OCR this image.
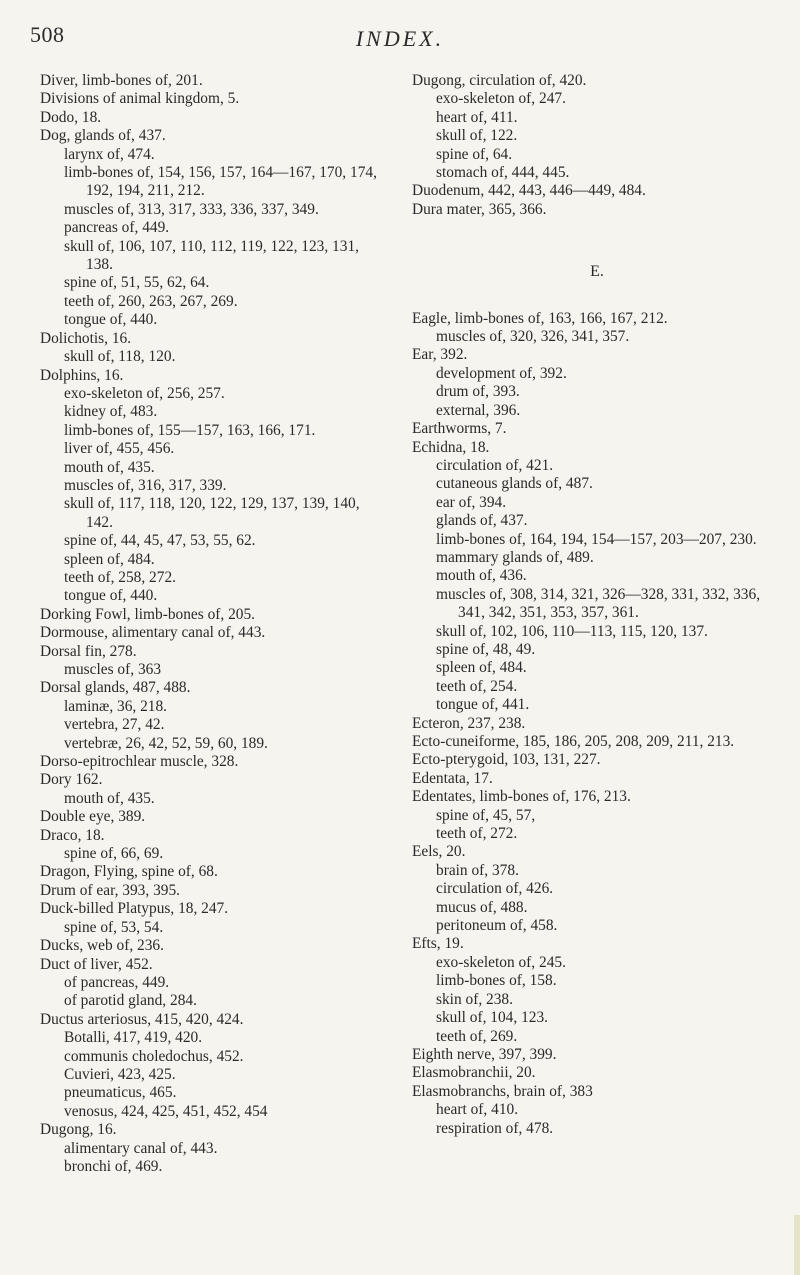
508	INDEX.

Diver, limb-bones of, 201.

Divisions of animal kingdom, 5.

Dodo, 18.

Dog, glands of, 437.

larynx of, 474.

limb-bones of, 154, 156, 157, 164—167, 170, 174, 192, 194, 211, 212.

muscles of, 313, 317, 333, 336, 337, 349.

pancreas of, 449.

skull of, 106, 107, 110, 112, 119, 122, 123, 131, 138.

spine of, 51, 55, 62, 64.

teeth of, 260, 263, 267, 269.

tongue of, 440.

Dolichotis, 16.

skull of, 118, 120.

Dolphins, 16.

exo-skeleton of, 256, 257.

kidney of, 483.

limb-bones of, 155—157, 163, 166, 171.

liver of, 455, 456.

mouth of, 435.

muscles of, 316, 317, 339.

skull of, 117, 118, 120, 122, 129, 137, 139, 140, 142.

spine of, 44, 45, 47, 53, 55, 62.

spleen of, 484.

teeth of, 258, 272.

tongue of, 440.

Dorking Fowl, limb-bones of, 205.

Dormouse, alimentary canal of, 443.

Dorsal fin, 278.

muscles of, 363

Dorsal glands, 487, 488.

laminæ, 36, 218.

vertebra, 27, 42.

vertebræ, 26, 42, 52, 59, 60, 189.

Dorso-epitrochlear muscle, 328.

Dory 162.

mouth of, 435.

Double eye, 389.

Draco, 18.

spine of, 66, 69.

Dragon, Flying, spine of, 68.

Drum of ear, 393, 395.

Duck-billed Platypus, 18, 247.

spine of, 53, 54.

Ducks, web of, 236.

Duct of liver, 452.

of pancreas, 449.

of parotid gland, 284.

Ductus arteriosus, 415, 420, 424.

Botalli, 417, 419, 420.

communis choledochus, 452.

Cuvieri, 423, 425.

pneumaticus, 465.

venosus, 424, 425, 451, 452, 454

Dugong, 16.

alimentary canal of, 443.

bronchi of, 469.

Dugong, circulation of, 420.

exo-skeleton of, 247.

heart of, 411.

skull of, 122.

spine of, 64.

stomach of, 444, 445.

Duodenum, 442, 443, 446—449, 484.

Dura mater, 365, 366.

E.

Eagle, limb-bones of, 163, 166, 167, 212.

muscles of, 320, 326, 341, 357.

Ear, 392.

development of, 392.

drum of, 393.

external, 396.

Earthworms, 7.

Echidna, 18.

circulation of, 421.

cutaneous glands of, 487.

ear of, 394.

glands of, 437.

limb-bones of, 164, 194, 154—157, 203—207, 230.

mammary glands of, 489.

mouth of, 436.

muscles of, 308, 314, 321, 326—328, 331, 332, 336, 341, 342, 351, 353, 357, 361.

skull of, 102, 106, 110—113, 115, 120, 137.

spine of, 48, 49.

spleen of, 484.

teeth of, 254.

tongue of, 441.

Ecteron, 237, 238.

Ecto-cuneiforme, 185, 186, 205, 208, 209, 211, 213.

Ecto-pterygoid, 103, 131, 227.

Edentata, 17.

Edentates, limb-bones of, 176, 213.

spine of, 45, 57,

teeth of, 272.

Eels, 20.

brain of, 378.

circulation of, 426.

mucus of, 488.

peritoneum of, 458.

Efts, 19.

exo-skeleton of, 245.

limb-bones of, 158.

skin of, 238.

skull of, 104, 123.

teeth of, 269.

Eighth nerve, 397, 399.

Elasmobranchii, 20.

Elasmobranchs, brain of, 383

heart of, 410.

respiration of, 478.
